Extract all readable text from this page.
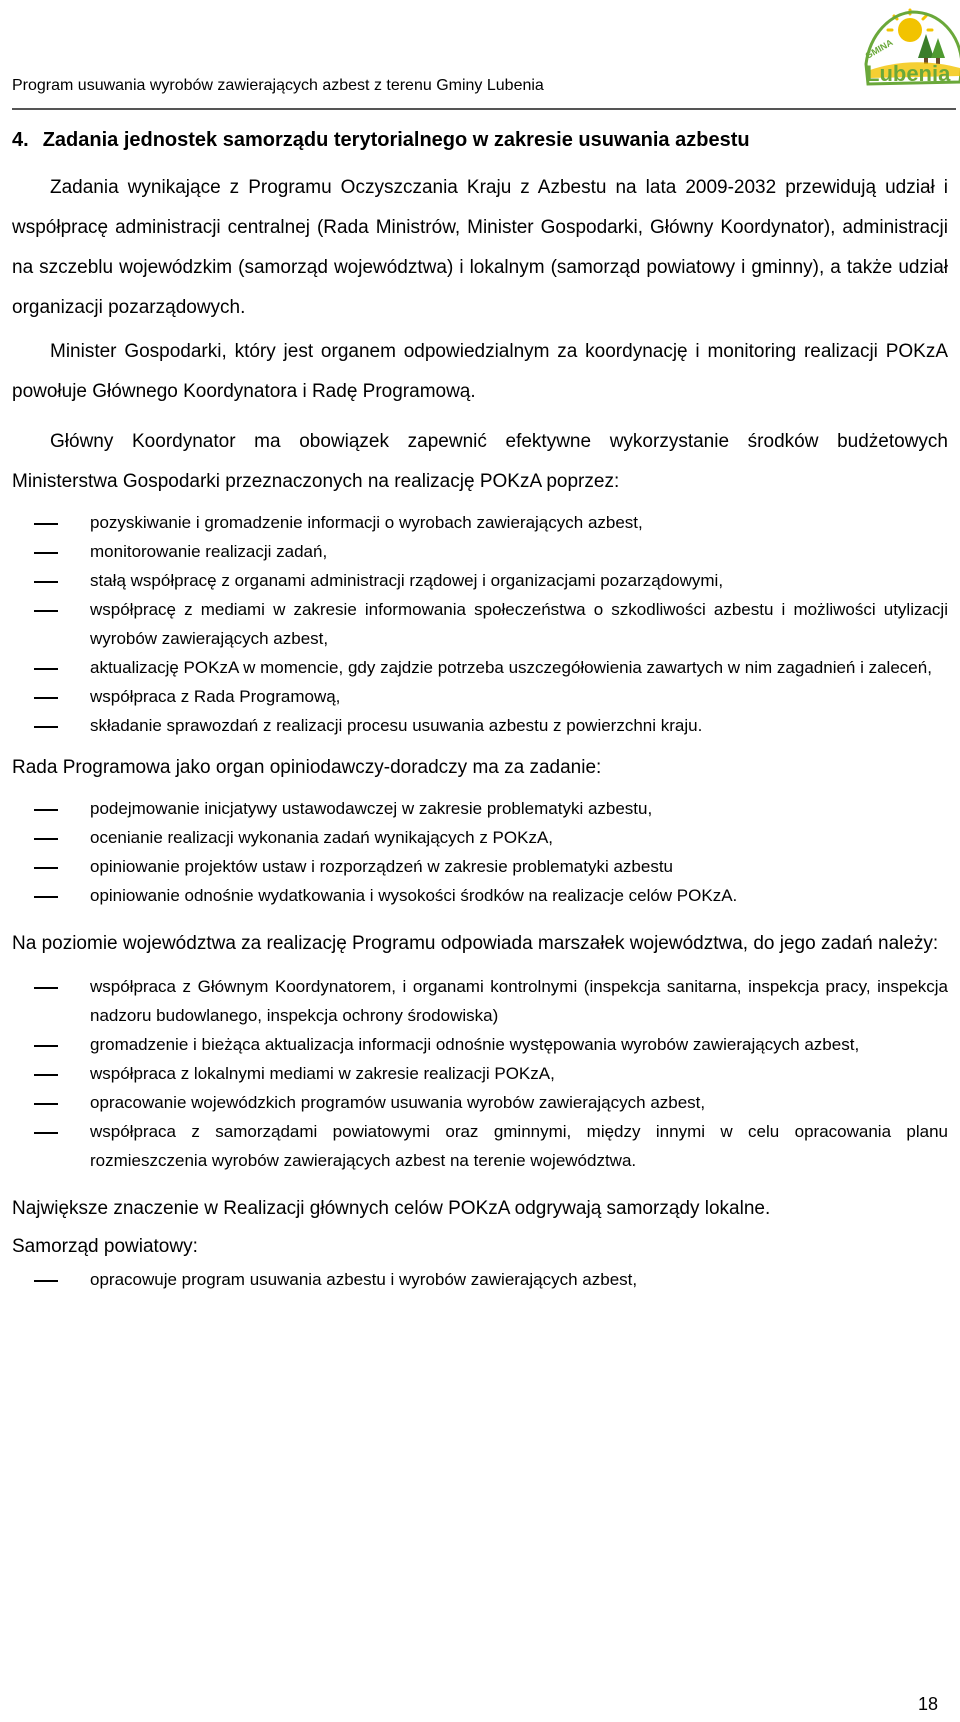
Program usuwania wyrobów zawierających azbest z terenu Gminy Lubenia
GMINA
Lubenia
4. Zadania jednostek samorządu terytorialnego w zakresie usuwania azbestu

Zadania wynikające z Programu Oczyszczania Kraju z Azbestu na lata 2009-2032 przewidują udział i współpracę administracji centralnej (Rada Ministrów, Minister Gospodarki, Główny Koordynator), administracji na szczeblu wojewódzkim (samorząd województwa) i lokalnym (samorząd powiatowy i gminny), a także udział organizacji pozarządowych.

Minister Gospodarki, który jest organem odpowiedzialnym za koordynację i monitoring realizacji POKzA powołuje Głównego Koordynatora i Radę Programową.

Główny Koordynator ma obowiązek zapewnić efektywne wykorzystanie środków budżetowych Ministerstwa Gospodarki przeznaczonych na realizację POKzA poprzez:

pozyskiwanie i gromadzenie informacji o wyrobach zawierających azbest,
monitorowanie realizacji zadań,
stałą współpracę z organami administracji rządowej i organizacjami pozarządowymi,
współpracę z mediami w zakresie informowania społeczeństwa o szkodliwości azbestu i możliwości utylizacji wyrobów zawierających azbest,
aktualizację POKzA w momencie, gdy zajdzie potrzeba uszczegółowienia zawartych w nim zagadnień i zaleceń,
współpraca z Rada Programową,
składanie sprawozdań z realizacji procesu usuwania azbestu z powierzchni kraju.

Rada Programowa jako organ opiniodawczy-doradczy ma za zadanie:

podejmowanie inicjatywy ustawodawczej w zakresie problematyki azbestu,
ocenianie realizacji wykonania zadań wynikających z POKzA,
opiniowanie projektów ustaw i rozporządzeń w zakresie problematyki azbestu
opiniowanie odnośnie wydatkowania i wysokości środków na realizacje celów POKzA.

Na poziomie województwa za realizację Programu odpowiada marszałek województwa, do jego zadań należy:

współpraca z Głównym Koordynatorem, i organami kontrolnymi (inspekcja sanitarna, inspekcja pracy, inspekcja nadzoru budowlanego, inspekcja ochrony środowiska)
gromadzenie i bieżąca aktualizacja informacji odnośnie występowania wyrobów zawierających azbest,
współpraca z lokalnymi mediami w zakresie realizacji POKzA,
opracowanie wojewódzkich programów usuwania wyrobów zawierających azbest,
współpraca z samorządami powiatowymi oraz gminnymi, między innymi w celu opracowania planu rozmieszczenia wyrobów zawierających azbest na terenie województwa.

Największe znaczenie w Realizacji głównych celów POKzA odgrywają samorządy lokalne.

Samorząd powiatowy:

opracowuje program usuwania azbestu i wyrobów zawierających azbest,
18
